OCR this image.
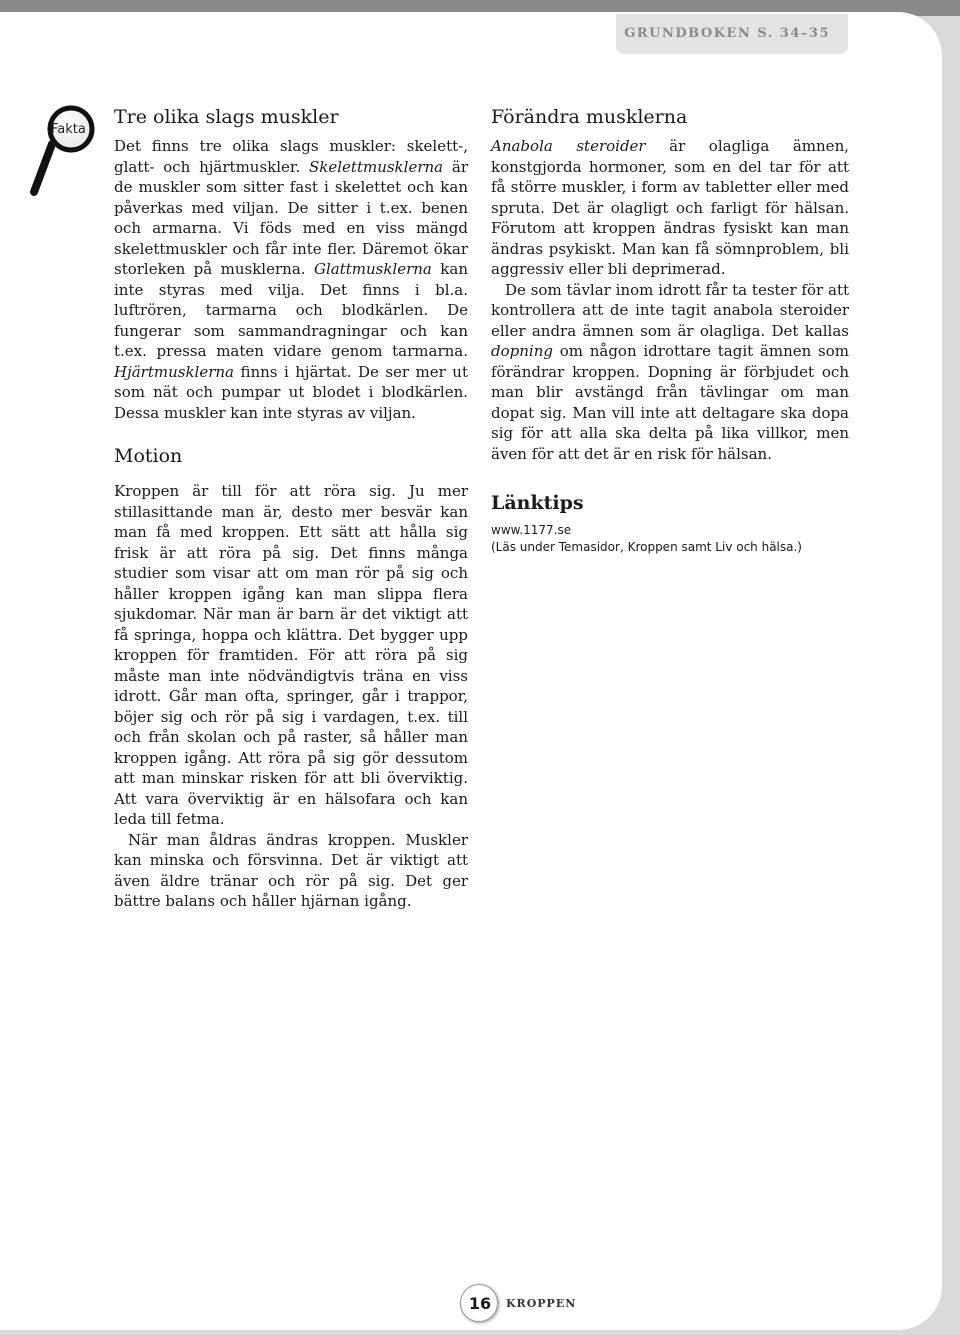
GRUNDBOKEN S. 34–35
Fakta
Tre olika slags muskler

Det finns tre olika slags muskler: skelett-, glatt- och hjärtmuskler. Skelettmusklerna är de muskler som sitter fast i skelettet och kan påverkas med viljan. De sitter i t.ex. benen och armarna. Vi föds med en viss mängd skelettmuskler och får inte fler. Däremot ökar storleken på musklerna. Glattmusklerna kan inte styras med vilja. Det finns i bl.a. luftrören, tarmarna och blodkärlen. De fungerar som sammandragningar och kan t.ex. pressa maten vidare genom tarmarna. Hjärtmusklerna finns i hjärtat. De ser mer ut som nät och pumpar ut blodet i blodkärlen. Dessa muskler kan inte styras av viljan.

Motion

Kroppen är till för att röra sig. Ju mer stillasittande man är, desto mer besvär kan man få med kroppen. Ett sätt att hålla sig frisk är att röra på sig. Det finns många studier som visar att om man rör på sig och håller kroppen igång kan man slippa flera sjukdomar. När man är barn är det viktigt att få springa, hoppa och klättra. Det bygger upp kroppen för framtiden. För att röra på sig måste man inte nödvändigtvis träna en viss idrott. Går man ofta, springer, går i trappor, böjer sig och rör på sig i vardagen, t.ex. till och från skolan och på raster, så håller man kroppen igång. Att röra på sig gör dessutom att man minskar risken för att bli överviktig. Att vara överviktig är en hälsofara och kan leda till fetma.

När man åldras ändras kroppen. Muskler kan minska och försvinna. Det är viktigt att även äldre tränar och rör på sig. Det ger bättre balans och håller hjärnan igång.

Förändra musklerna

Anabola steroider är olagliga ämnen, konstgjorda hormoner, som en del tar för att få större muskler, i form av tabletter eller med spruta. Det är olagligt och farligt för hälsan. Förutom att kroppen ändras fysiskt kan man ändras psykiskt. Man kan få sömnproblem, bli aggressiv eller bli deprimerad.

De som tävlar inom idrott får ta tester för att kontrollera att de inte tagit anabola steroider eller andra ämnen som är olagliga. Det kallas dopning om någon idrottare tagit ämnen som förändrar kroppen. Dopning är förbjudet och man blir avstängd från tävlingar om man dopat sig. Man vill inte att deltagare ska dopa sig för att alla ska delta på lika villkor, men även för att det är en risk för hälsan.

Länktips
www.1177.se
(Läs under Temasidor, Kroppen samt Liv och hälsa.)
16	KROPPEN
